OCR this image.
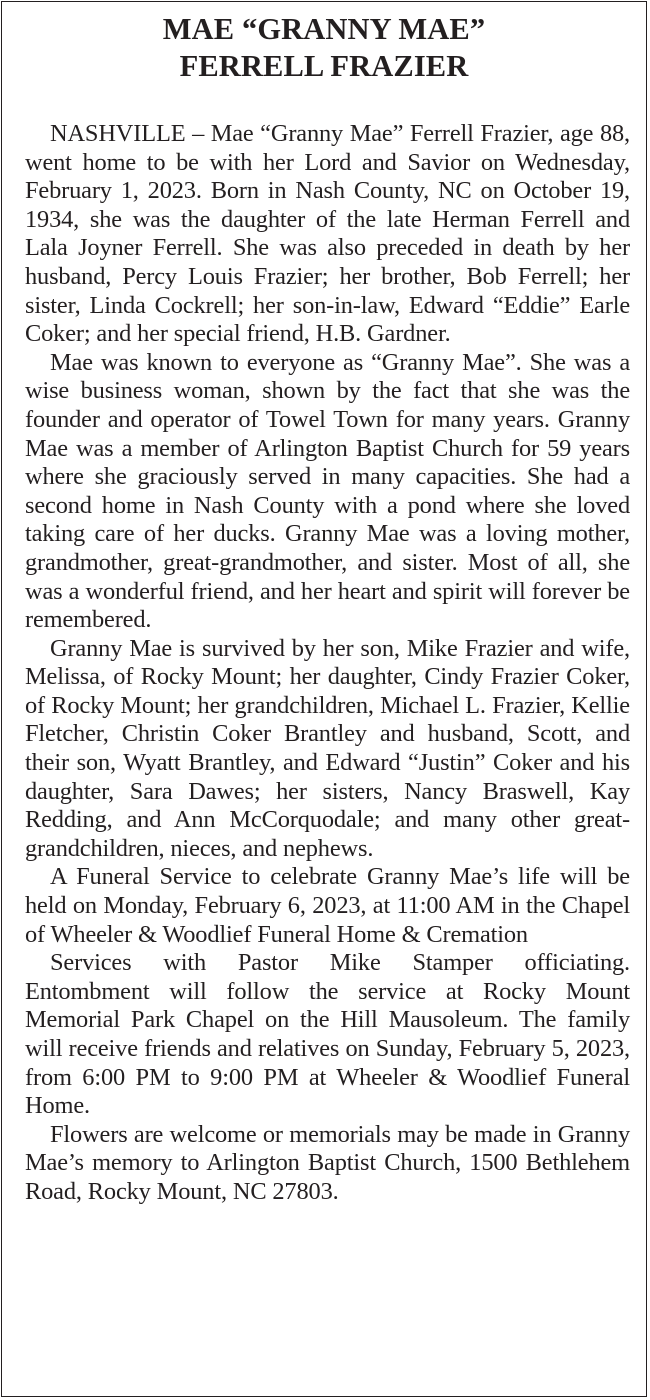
MAE “GRANNY MAE”
FERRELL FRAZIER

NASHVILLE – Mae “Granny Mae” Ferrell Frazier, age 88, went home to be with her Lord and Savior on Wednesday, February 1, 2023. Born in Nash County, NC on October 19, 1934, she was the daughter of the late Herman Ferrell and Lala Joyner Ferrell. She was also preceded in death by her husband, Percy Louis Frazier; her brother, Bob Ferrell; her sister, Linda Cockrell; her son-in-law, Edward “Eddie” Earle Coker; and her special friend, H.B. Gardner.

Mae was known to everyone as “Granny Mae”. She was a wise business woman, shown by the fact that she was the founder and operator of Towel Town for many years. Granny Mae was a member of Arlington Baptist Church for 59 years where she graciously served in many capacities. She had a second home in Nash County with a pond where she loved taking care of her ducks. Granny Mae was a loving mother, grandmother, great-grandmother, and sister. Most of all, she was a wonderful friend, and her heart and spirit will forever be remembered.

Granny Mae is survived by her son, Mike Frazier and wife, Melissa, of Rocky Mount; her daughter, Cindy Frazier Coker, of Rocky Mount; her grandchildren, Michael L. Frazier, Kellie Fletcher, Christin Coker Brantley and husband, Scott, and their son, Wyatt Brantley, and Edward “Justin” Coker and his daughter, Sara Dawes; her sisters, Nancy Braswell, Kay Redding, and Ann McCorquodale; and many other great-grandchildren, nieces, and nephews.

A Funeral Service to celebrate Granny Mae’s life will be held on Monday, February 6, 2023, at 11:00 AM in the Chapel of Wheeler & Woodlief Funeral Home & Cremation

Services with Pastor Mike Stamper officiating. Entombment will follow the service at Rocky Mount Memorial Park Chapel on the Hill Mausoleum. The family will receive friends and relatives on Sunday, February 5, 2023, from 6:00 PM to 9:00 PM at Wheeler & Woodlief Funeral Home.

Flowers are welcome or memorials may be made in Granny Mae’s memory to Arlington Baptist Church, 1500 Bethlehem Road, Rocky Mount, NC 27803.
